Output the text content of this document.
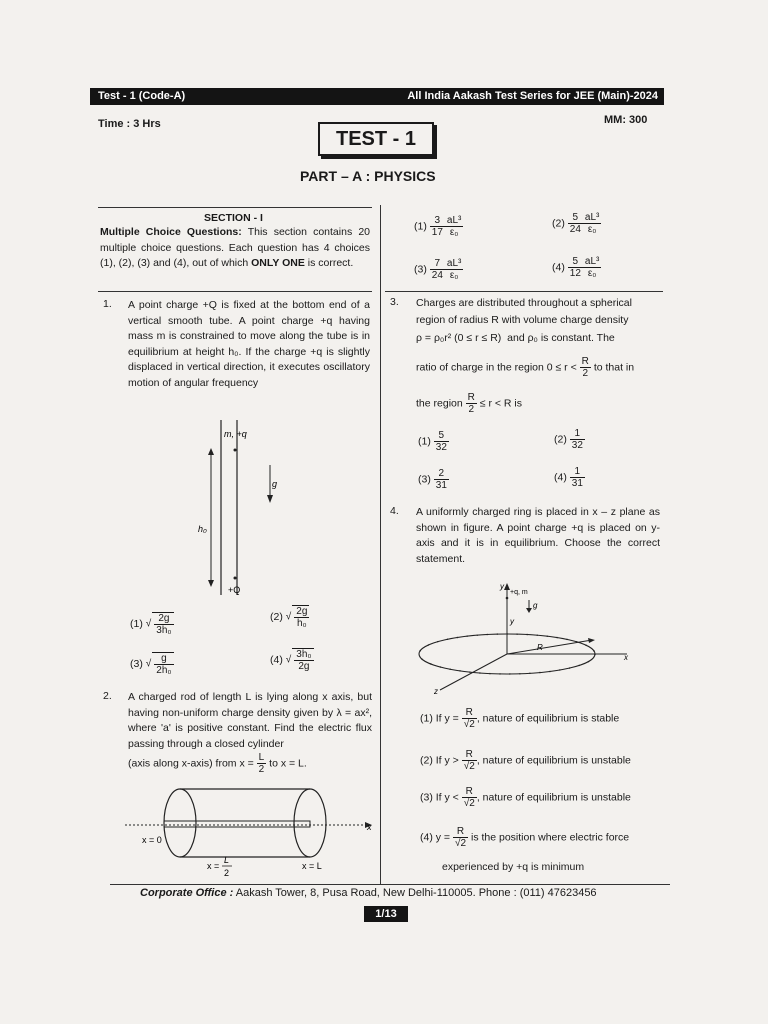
Test - 1 (Code-A)	All India Aakash Test Series for JEE (Main)-2024
Time : 3 Hrs	MM: 300
TEST - 1
PART – A : PHYSICS
SECTION - I
Multiple Choice Questions: This section contains 20 multiple choice questions. Each question has 4 choices (1), (2), (3) and (4), out of which ONLY ONE is correct.
1. A point charge +Q is fixed at the bottom end of a vertical smooth tube. A point charge +q having mass m is constrained to move along the tube is in equilibrium at height h₀. If the charge +q is slightly displaced in vertical direction, it executes oscillatory motion of angular frequency
m, +q
h₀
g
+Q
(1) √ $\frac{2g}{\text{3h₀}}$	(2) √ $\frac{2g}{\text{h₀}}$
(3) √ $\frac{g}{\text{2h₀}}$	(4) √ $\frac{\text{3h₀}}{2g}$
2. A charged rod of length L is lying along x axis, but having non-uniform charge density given by λ = ax², where 'a' is positive constant. Find the electric flux passing through a closed cylinder
(axis along x-axis) from $x = \frac{L}{2}$ to x = L.
x
x = 0
x =
L
2
x = L
$(1) \frac{3}{17} \frac{\text{aL³}}{\text{ε₀}}$	$(2) \frac{5}{24} \frac{\text{aL³}}{\text{ε₀}}$
$(3) \frac{7}{24} \frac{\text{aL³}}{\text{ε₀}}$	$(4) \frac{5}{12} \frac{\text{aL³}}{\text{ε₀}}$
3. Charges are distributed throughout a spherical
region of radius R with volume charge density
ρ = ρ₀r² (0 ≤ r ≤ R) and ρ₀ is constant. The
ratio of charge in the region $0 \le r < \frac{R}{2}$ to that in
the region $\frac{R}{2} \le r < R$ is
$(1) \frac{5}{32}$	$(2) \frac{1}{32}$
$(3) \frac{2}{31}$	$(4) \frac{1}{31}$
4. A uniformly charged ring is placed in x – z plane as shown in figure. A point charge +q is placed on y-axis and it is in equilibrium. Choose the correct statement.
y
+q, m
g
y
x
R
z
(1) If $y = \frac{R}{√2}$ , nature of equilibrium is stable
(2) If $y > \frac{R}{√2}$ , nature of equilibrium is unstable
(3) If $y < \frac{R}{√2}$ , nature of equilibrium is unstable
(4) $y = \frac{R}{√2}$ is the position where electric force
experienced by +q is minimum
Corporate Office : Aakash Tower, 8, Pusa Road, New Delhi-110005. Phone : (011) 47623456
1/13
